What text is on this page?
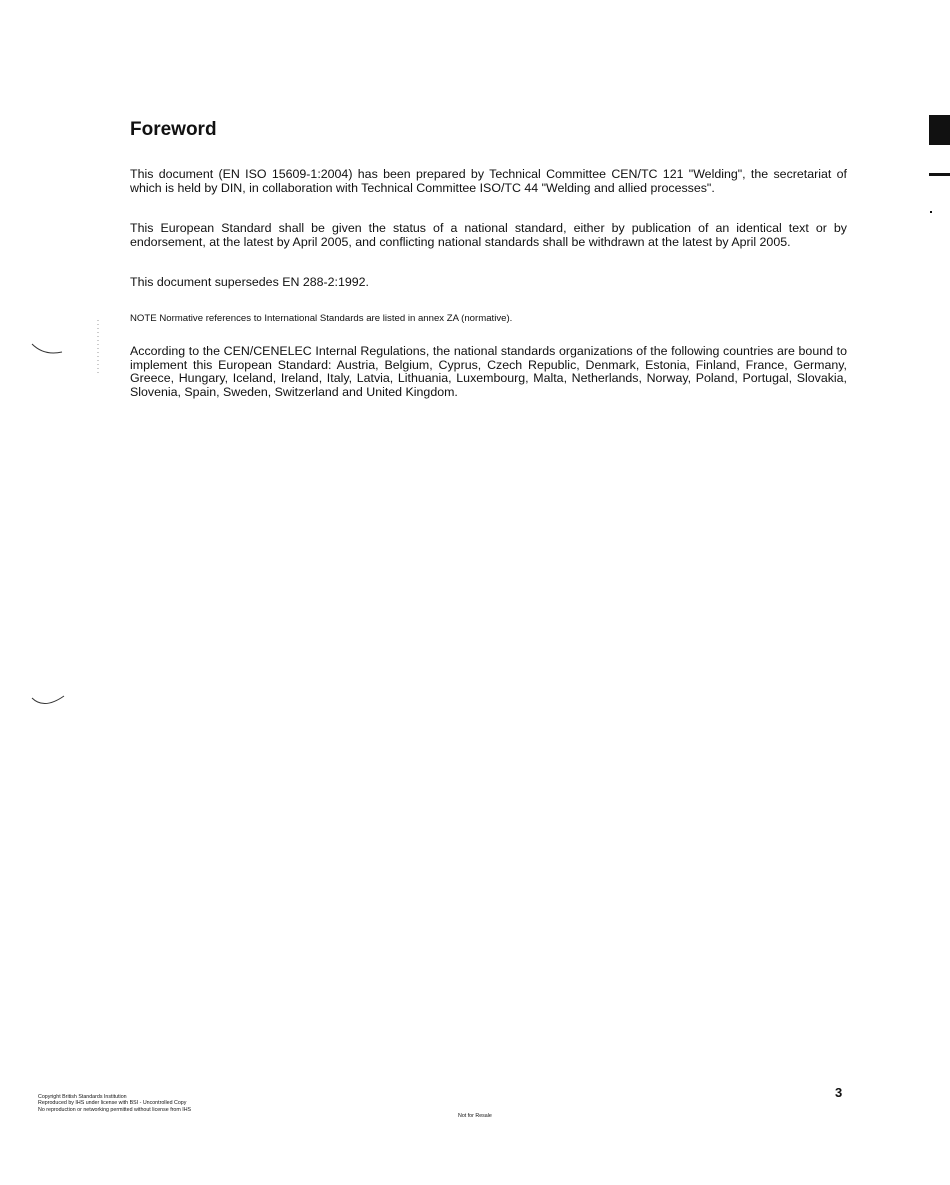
Foreword

This document (EN ISO 15609-1:2004) has been prepared by Technical Committee CEN/TC 121 "Welding", the secretariat of which is held by DIN, in collaboration with Technical Committee ISO/TC 44 "Welding and allied processes".

This European Standard shall be given the status of a national standard, either by publication of an identical text or by endorsement, at the latest by April 2005, and conflicting national standards shall be withdrawn at the latest by April 2005.

This document supersedes EN 288-2:1992.

NOTE Normative references to International Standards are listed in annex ZA (normative).

According to the CEN/CENELEC Internal Regulations, the national standards organizations of the following countries are bound to implement this European Standard: Austria, Belgium, Cyprus, Czech Republic, Denmark, Estonia, Finland, France, Germany, Greece, Hungary, Iceland, Ireland, Italy, Latvia, Lithuania, Luxembourg, Malta, Netherlands, Norway, Poland, Portugal, Slovakia, Slovenia, Spain, Sweden, Switzerland and United Kingdom.

3
Copyright British Standards Institution
Reproduced by IHS under license with BSI - Uncontrolled Copy
No reproduction or networking permitted without license from IHS
Not for Resale
